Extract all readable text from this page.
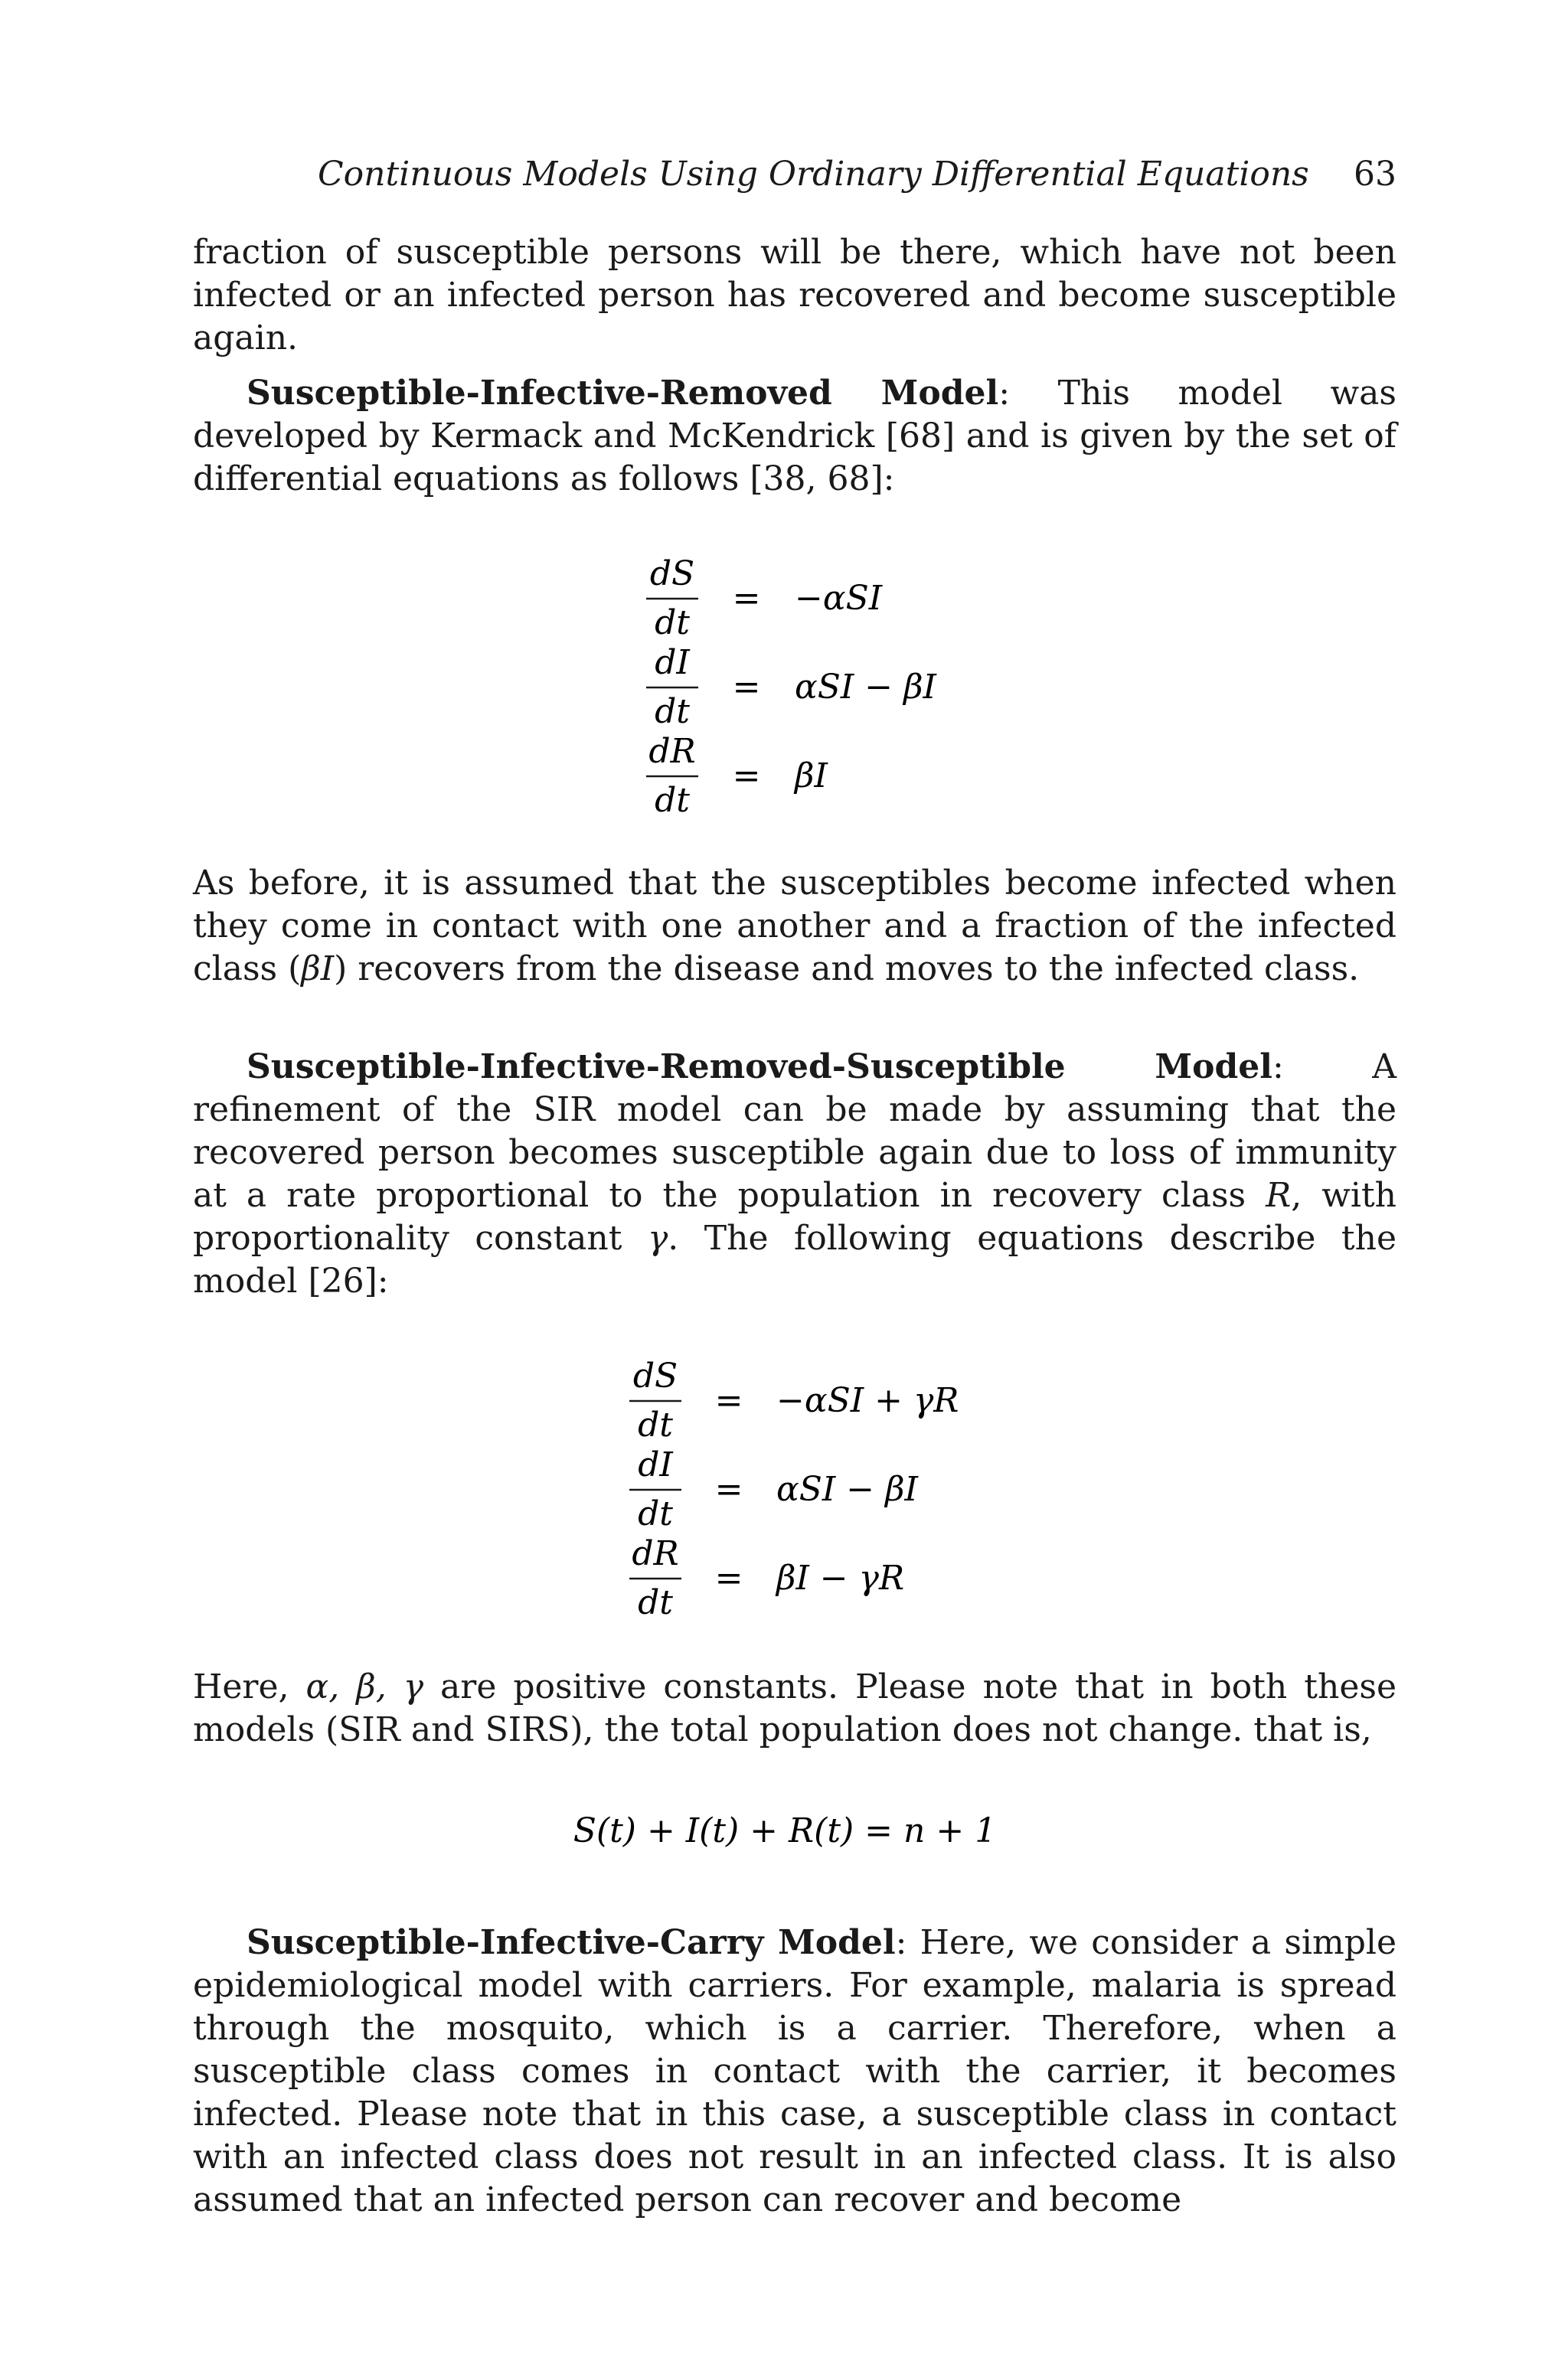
Continuous Models Using Ordinary Differential Equations	63

fraction of susceptible persons will be there, which have not been infected or an infected person has recovered and become susceptible again.

Susceptible-Infective-Removed Model: This model was developed by Kermack and McKendrick [68] and is given by the set of differential equations as follows [38, 68]:

dS
dt
= −αSI
dI
dt
= αSI − βI
dR
dt
= βI

As before, it is assumed that the susceptibles become infected when they come in contact with one another and a fraction of the infected class (βI) recovers from the disease and moves to the infected class.

Susceptible-Infective-Removed-Susceptible Model: A refinement of the SIR model can be made by assuming that the recovered person becomes susceptible again due to loss of immunity at a rate proportional to the population in recovery class R, with proportionality constant γ. The following equations describe the model [26]:

dS
dt
= −αSI + γR
dI
dt
= αSI − βI
dR
dt
= βI − γR

Here, α, β, γ are positive constants. Please note that in both these models (SIR and SIRS), the total population does not change. that is,

S(t) + I(t) + R(t) = n + 1

Susceptible-Infective-Carry Model: Here, we consider a simple epidemiological model with carriers. For example, malaria is spread through the mosquito, which is a carrier. Therefore, when a susceptible class comes in contact with the carrier, it becomes infected. Please note that in this case, a susceptible class in contact with an infected class does not result in an infected class. It is also assumed that an infected person can recover and become
